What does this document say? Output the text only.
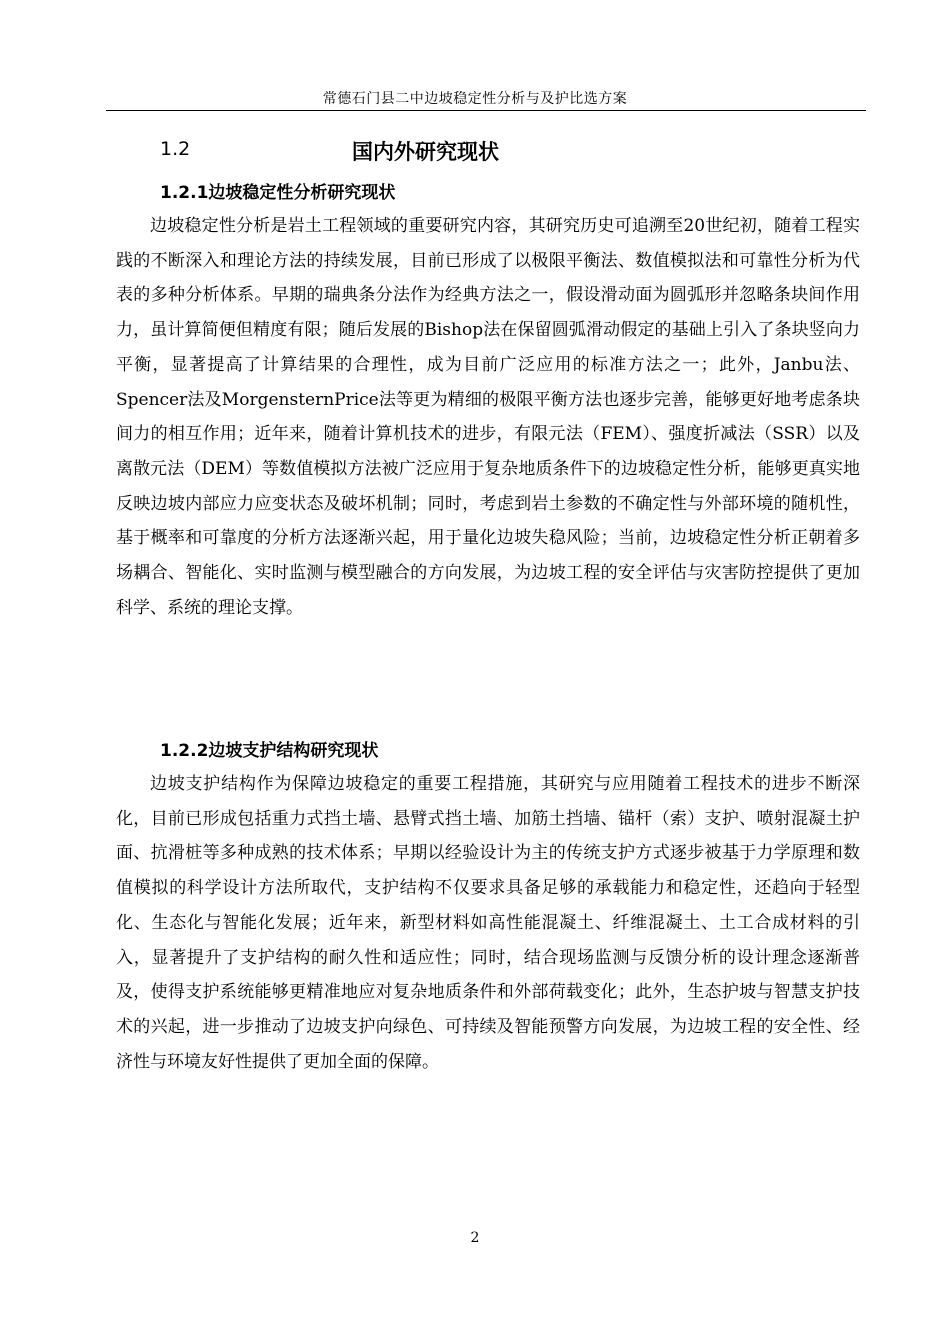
常德石门县二中边坡稳定性分析与及护比选方案
1.2	国内外研究现状
1.2.1边坡稳定性分析研究现状
边坡稳定性分析是岩土工程领域的重要研究内容，其研究历史可追溯至20世纪初，随着工程实践的不断深入和理论方法的持续发展，目前已形成了以极限平衡法、数值模拟法和可靠性分析为代表的多种分析体系。早期的瑞典条分法作为经典方法之一，假设滑动面为圆弧形并忽略条块间作用力，虽计算简便但精度有限；随后发展的Bishop法在保留圆弧滑动假定的基础上引入了条块竖向力平衡，显著提高了计算结果的合理性，成为目前广泛应用的标准方法之一；此外，Janbu法、Spencer法及MorgensternPrice法等更为精细的极限平衡方法也逐步完善，能够更好地考虑条块间力的相互作用；近年来，随着计算机技术的进步，有限元法（FEM）、强度折减法（SSR）以及离散元法（DEM）等数值模拟方法被广泛应用于复杂地质条件下的边坡稳定性分析，能够更真实地反映边坡内部应力应变状态及破坏机制；同时，考虑到岩土参数的不确定性与外部环境的随机性，基于概率和可靠度的分析方法逐渐兴起，用于量化边坡失稳风险；当前，边坡稳定性分析正朝着多场耦合、智能化、实时监测与模型融合的方向发展，为边坡工程的安全评估与灾害防控提供了更加科学、系统的理论支撑。
1.2.2边坡支护结构研究现状
边坡支护结构作为保障边坡稳定的重要工程措施，其研究与应用随着工程技术的进步不断深化，目前已形成包括重力式挡土墙、悬臂式挡土墙、加筋土挡墙、锚杆（索）支护、喷射混凝土护面、抗滑桩等多种成熟的技术体系；早期以经验设计为主的传统支护方式逐步被基于力学原理和数值模拟的科学设计方法所取代，支护结构不仅要求具备足够的承载能力和稳定性，还趋向于轻型化、生态化与智能化发展；近年来，新型材料如高性能混凝土、纤维混凝土、土工合成材料的引入，显著提升了支护结构的耐久性和适应性；同时，结合现场监测与反馈分析的设计理念逐渐普及，使得支护系统能够更精准地应对复杂地质条件和外部荷载变化；此外，生态护坡与智慧支护技术的兴起，进一步推动了边坡支护向绿色、可持续及智能预警方向发展，为边坡工程的安全性、经济性与环境友好性提供了更加全面的保障。
2
